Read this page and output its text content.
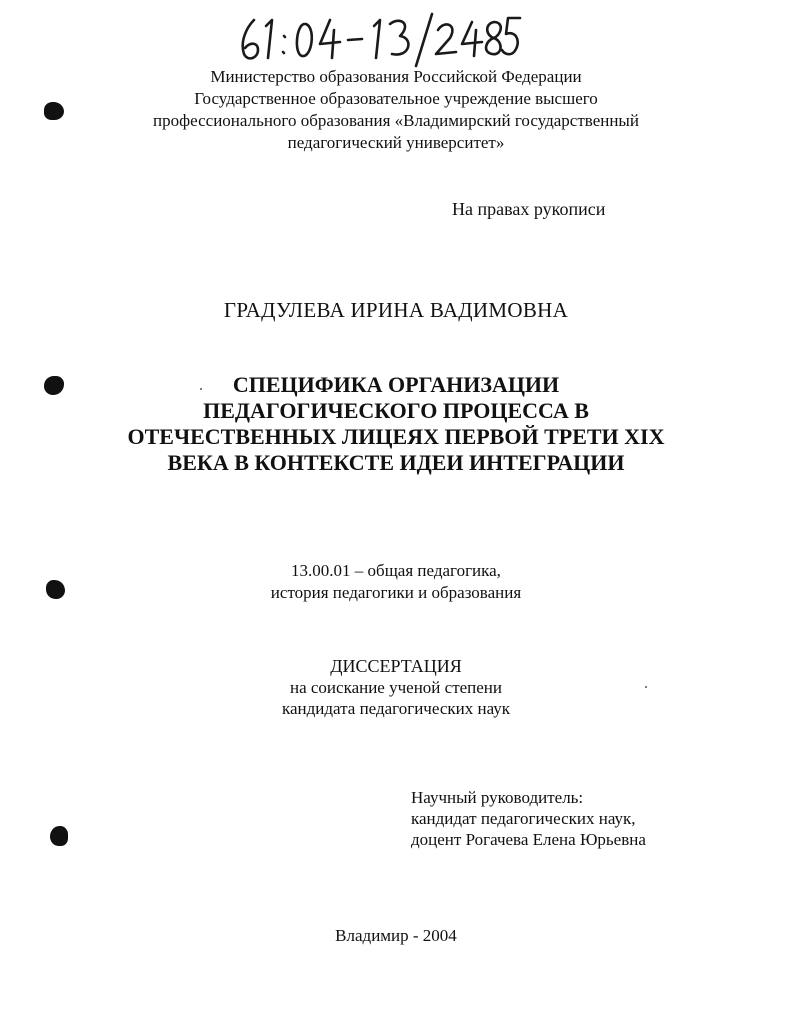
Министерство образования Российской Федерации
Государственное образовательное учреждение высшего
профессионального образования «Владимирский государственный
педагогический университет»
На правах рукописи
ГРАДУЛЕВА ИРИНА ВАДИМОВНА
СПЕЦИФИКА ОРГАНИЗАЦИИ
ПЕДАГОГИЧЕСКОГО ПРОЦЕССА В
ОТЕЧЕСТВЕННЫХ ЛИЦЕЯХ ПЕРВОЙ ТРЕТИ XIX
ВЕКА В КОНТЕКСТЕ ИДЕИ ИНТЕГРАЦИИ
13.00.01 – общая педагогика,
история педагогики и образования
ДИССЕРТАЦИЯ
на соискание ученой степени
кандидата педагогических наук
Научный руководитель:
кандидат педагогических наук,
доцент Рогачева Елена Юрьевна
Владимир - 2004
